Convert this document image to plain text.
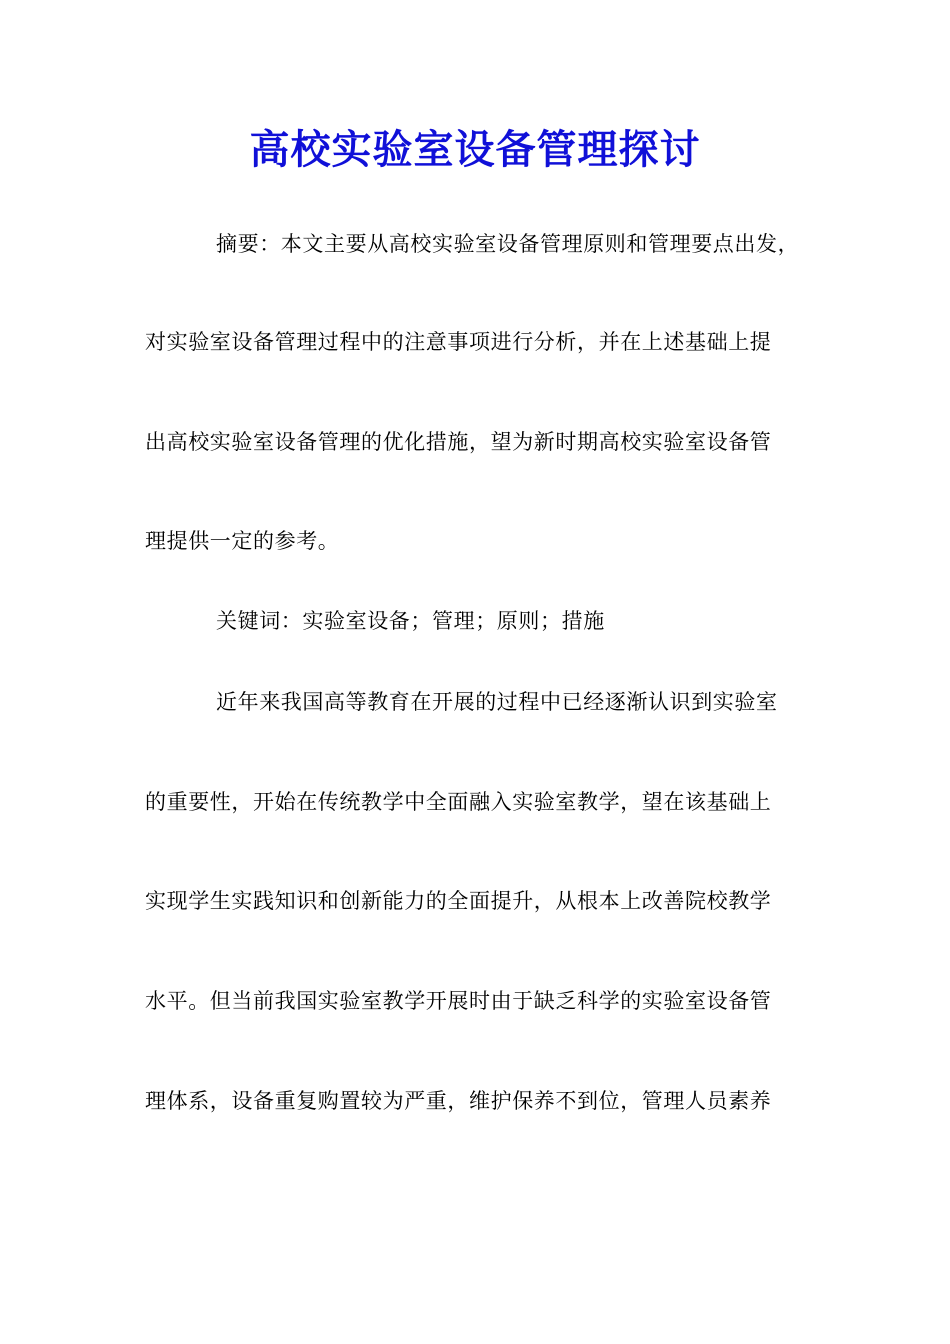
高校实验室设备管理探讨
摘要：本文主要从高校实验室设备管理原则和管理要点出发，
对实验室设备管理过程中的注意事项进行分析，并在上述基础上提
出高校实验室设备管理的优化措施，望为新时期高校实验室设备管
理提供一定的参考。
关键词：实验室设备；管理；原则；措施
近年来我国高等教育在开展的过程中已经逐渐认识到实验室
的重要性，开始在传统教学中全面融入实验室教学，望在该基础上
实现学生实践知识和创新能力的全面提升，从根本上改善院校教学
水平。但当前我国实验室教学开展时由于缺乏科学的实验室设备管
理体系，设备重复购置较为严重，维护保养不到位，管理人员素养
